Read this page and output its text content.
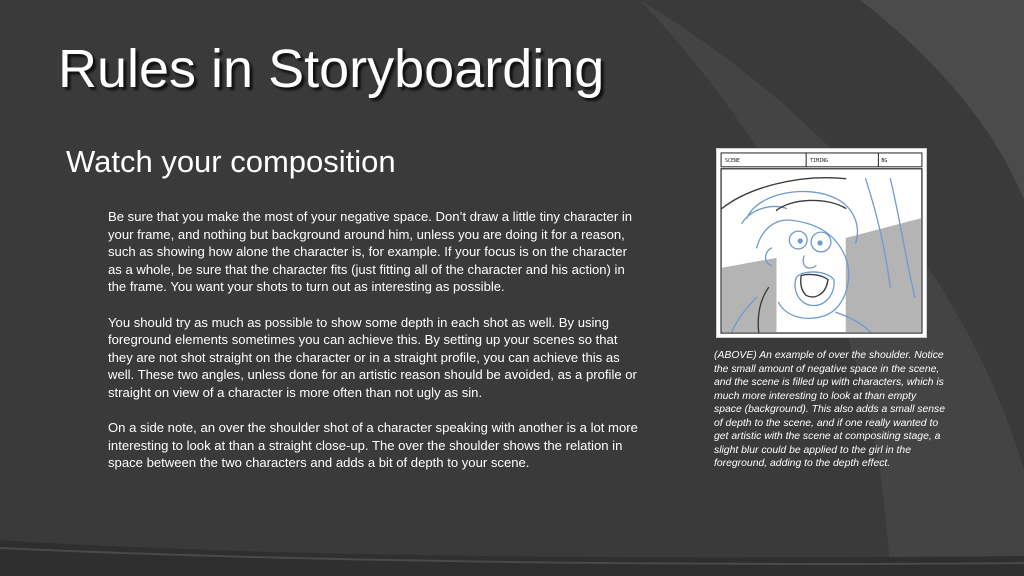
Rules in Storyboarding
Watch your composition

Be sure that you make the most of your negative space. Don’t draw a little tiny character in your frame, and nothing but background around him, unless you are doing it for a reason, such as showing how alone the character is, for example. If your focus is on the character as a whole, be sure that the character fits (just fitting all of the character and his action) in the frame. You want your shots to turn out as interesting as possible.

You should try as much as possible to show some depth in each shot as well. By using foreground elements sometimes you can achieve this. By setting up your scenes so that they are not shot straight on the character or in a straight profile, you can achieve this as well. These two angles, unless done for an artistic reason should be avoided, as a profile or straight on view of a character is more often than not ugly as sin.

On a side note, an over the shoulder shot of a character speaking with another is a lot more interesting to look at than a straight close-up. The over the shoulder shows the relation in space between the two characters and adds a bit of depth to your scene.

SCENE	TIMING	BG

(ABOVE) An example of over the shoulder. Notice the small amount of negative space in the scene, and the scene is filled up with characters, which is much more interesting to look at than empty space (background). This also adds a small sense of depth to the scene, and if one really wanted to get artistic with the scene at compositing stage, a slight blur could be applied to the girl in the foreground, adding to the depth effect.
